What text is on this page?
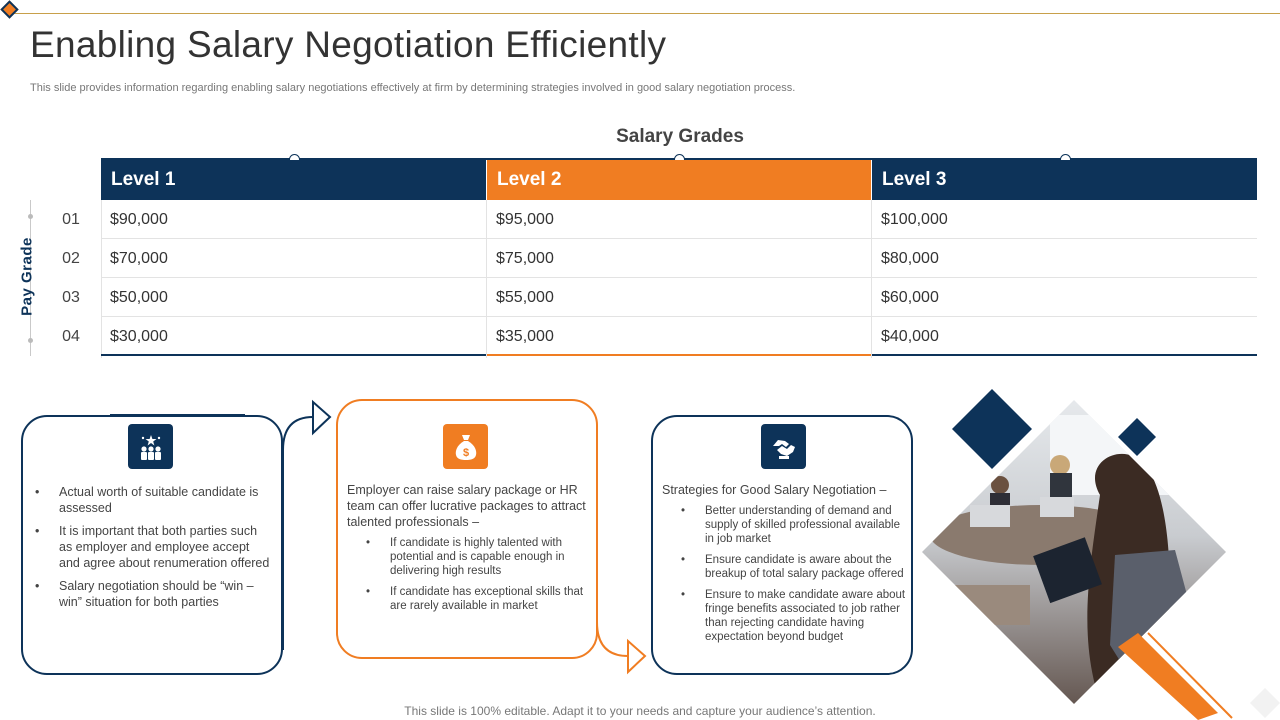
Enabling Salary Negotiation Efficiently
This slide provides information regarding enabling salary negotiations effectively at firm by determining strategies involved in good salary negotiation process.
Salary Grades
Level 1	Level 2	Level 3
Pay Grade
01
02
03
04
$90,000
$70,000
$50,000
$30,000
$95,000
$75,000
$55,000
$35,000
$100,000
$80,000
$60,000
$40,000
• Actual worth of suitable candidate is assessed
• It is important that both parties such as employer and employee accept and agree about renumeration offered
• Salary negotiation should be “win – win” situation for both parties
$
Employer can raise salary package or HR team can offer lucrative packages to attract talented professionals –
• If candidate is highly talented with potential and is capable enough in delivering high results
• If candidate has exceptional skills that are rarely available in market
Strategies for Good Salary Negotiation –
• Better understanding of demand and supply of skilled professional available in job market
• Ensure candidate is aware about the breakup of total salary package offered
• Ensure to make candidate aware about fringe benefits associated to job rather than rejecting candidate having expectation beyond budget
This slide is 100% editable. Adapt it to your needs and capture your audience’s attention.
